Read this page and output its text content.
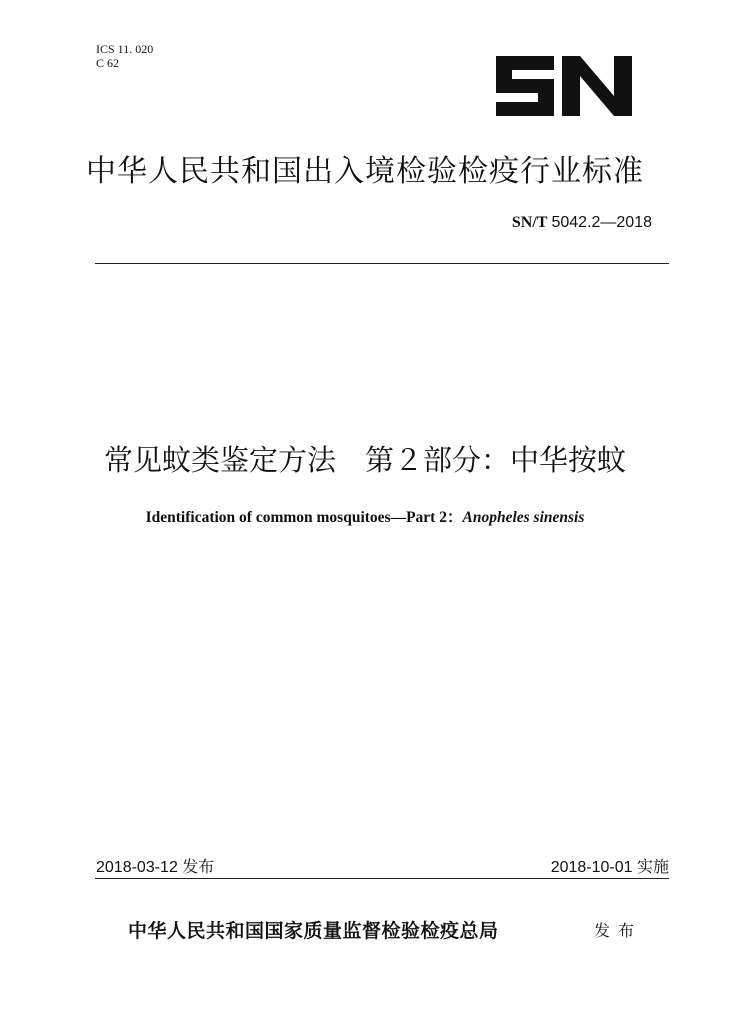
ICS 11. 020
C 62
中华人民共和国出入境检验检疫行业标准
SN/T 5042.2—2018
常见蚊类鉴定方法　第２部分：中华按蚊
Identification of common mosquitoes—Part 2：Anopheles sinensis
2018-03-12 发布	2018-10-01 实施
中华人民共和国国家质量监督检验检疫总局	发布
